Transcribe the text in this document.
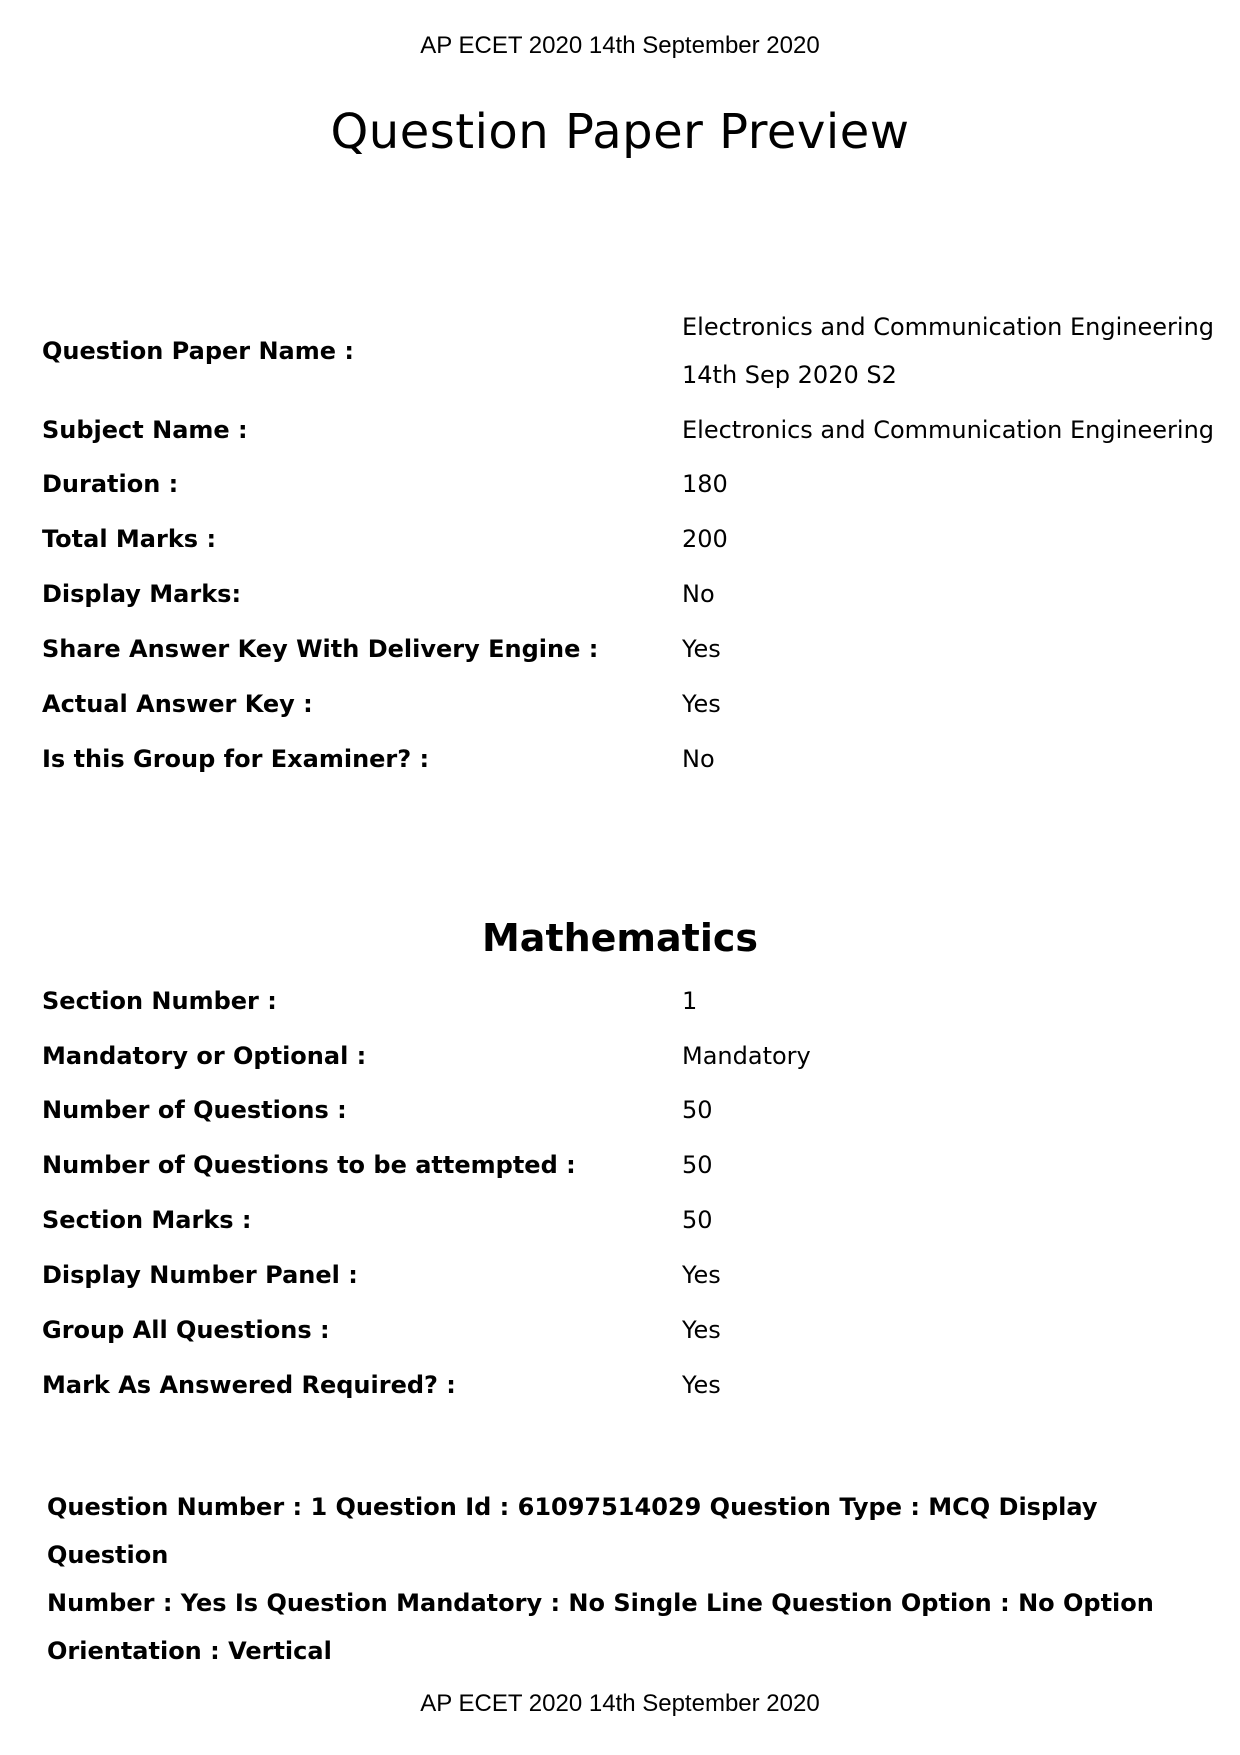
AP ECET 2020 14th September 2020
Question Paper Preview
Question Paper Name :
Electronics and Communication Engineering
14th Sep 2020 S2
Subject Name :	Electronics and Communication Engineering
Duration :	180
Total Marks :	200
Display Marks:	No
Share Answer Key With Delivery Engine :	Yes
Actual Answer Key :	Yes
Is this Group for Examiner? :	No
Mathematics
Section Number :	1
Mandatory or Optional :	Mandatory
Number of Questions :	50
Number of Questions to be attempted :	50
Section Marks :	50
Display Number Panel :	Yes
Group All Questions :	Yes
Mark As Answered Required? :	Yes
Question Number : 1 Question Id : 61097514029 Question Type : MCQ Display Question
Number : Yes Is Question Mandatory : No Single Line Question Option : No Option
Orientation : Vertical
AP ECET 2020 14th September 2020
